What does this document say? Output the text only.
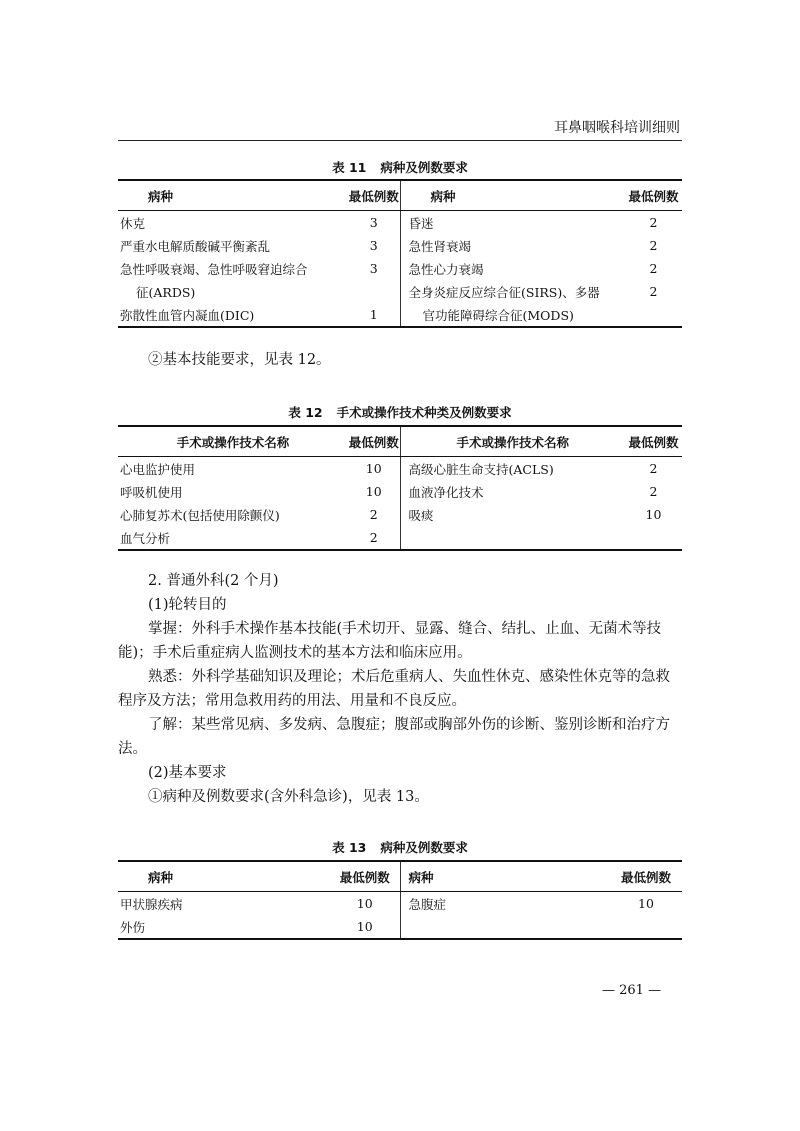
耳鼻咽喉科培训细则
表 11 病种及例数要求
病种	最低例数	病种	最低例数
休克	3	昏迷	2
严重水电解质酸碱平衡紊乱	3	急性肾衰竭	2
急性呼吸衰竭、急性呼吸窘迫综合	3	急性心力衰竭	2
征(ARDS)		全身炎症反应综合征(SIRS)、多器	2
弥散性血管内凝血(DIC)	1	官功能障碍综合征(MODS)	

②基本技能要求，见表 12。

表 12 手术或操作技术种类及例数要求
手术或操作技术名称	最低例数	手术或操作技术名称	最低例数
心电监护使用	10	高级心脏生命支持(ACLS)	2
呼吸机使用	10	血液净化技术	2
心肺复苏术(包括使用除颤仪)	2	吸痰	10
血气分析	2		

2. 普通外科(2 个月)

(1)轮转目的

掌握：外科手术操作基本技能(手术切开、显露、缝合、结扎、止血、无菌术等技能)；手术后重症病人监测技术的基本方法和临床应用。

熟悉：外科学基础知识及理论；术后危重病人、失血性休克、感染性休克等的急救程序及方法；常用急救用药的用法、用量和不良反应。

了解：某些常见病、多发病、急腹症；腹部或胸部外伤的诊断、鉴别诊断和治疗方法。

(2)基本要求

①病种及例数要求(含外科急诊)，见表 13。

表 13 病种及例数要求
病种	最低例数	病种	最低例数
甲状腺疾病	10	急腹症	10
外伤	10		
— 261 —
